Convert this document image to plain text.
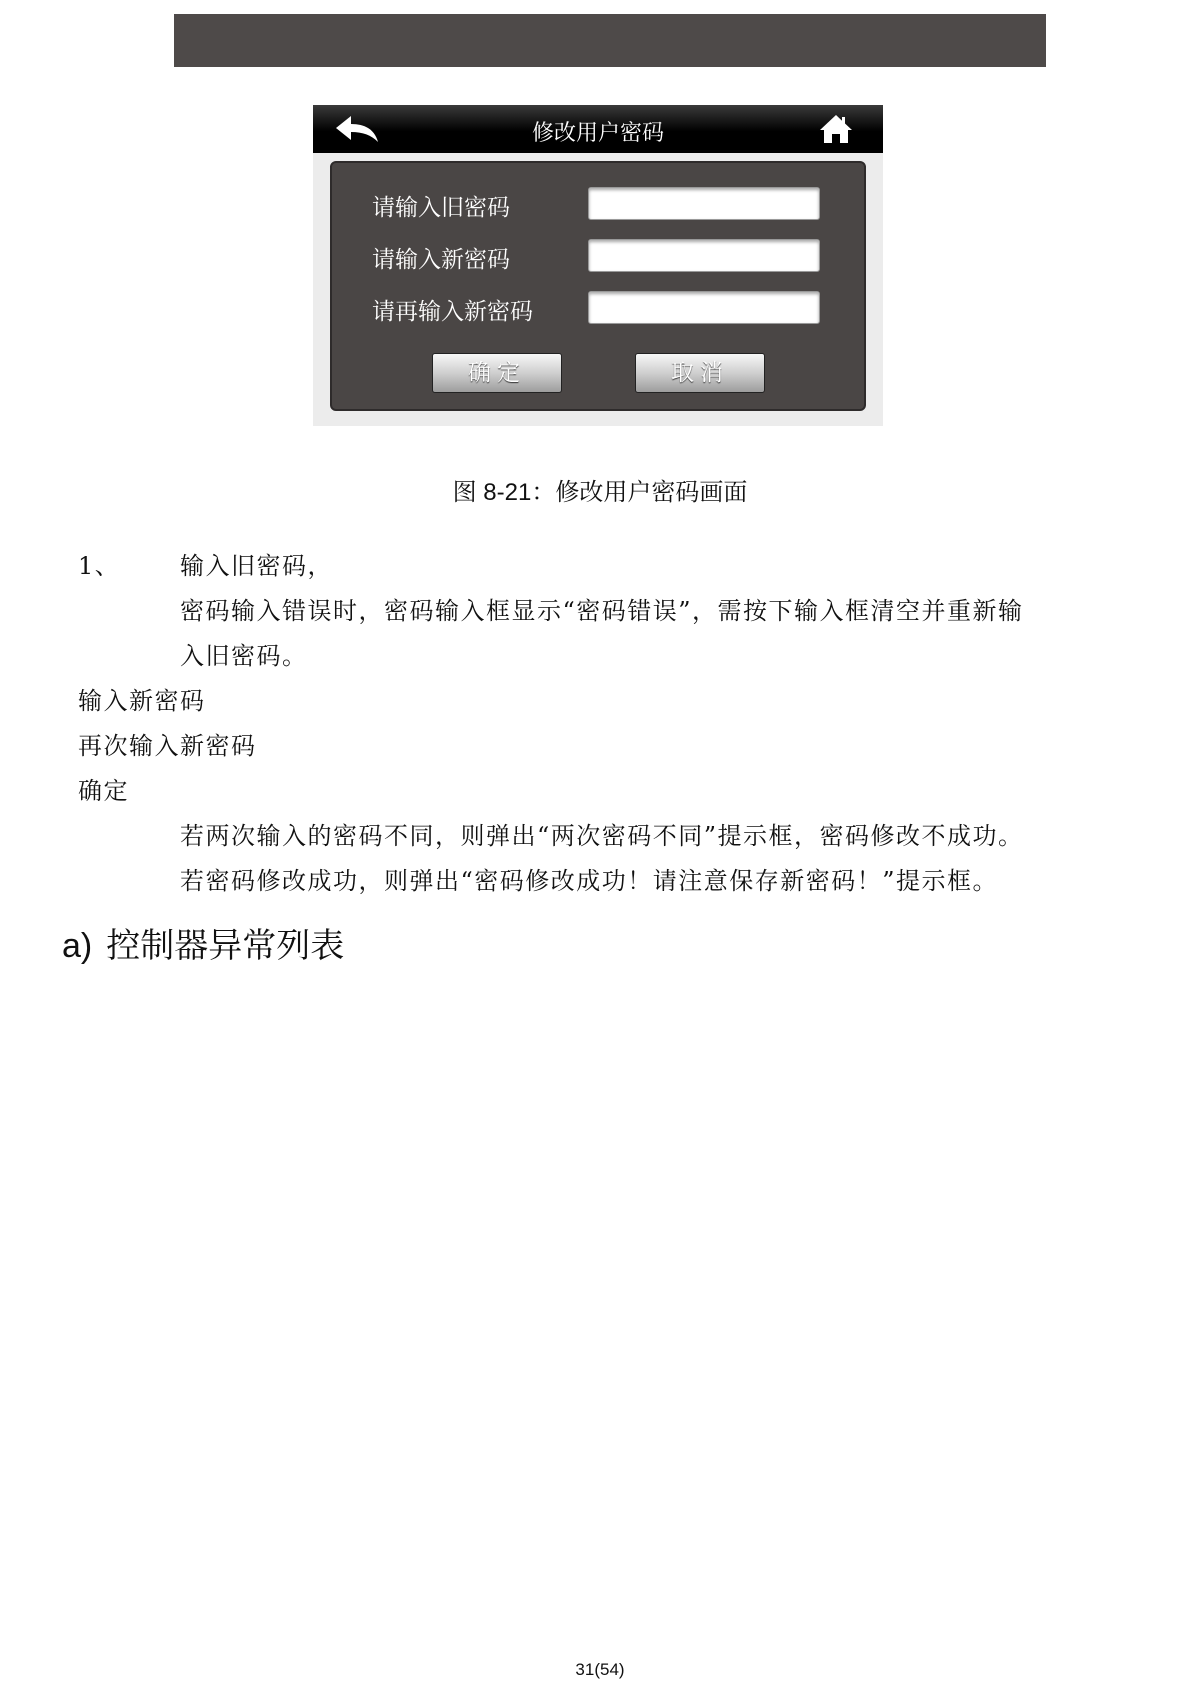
修改用户密码
请输入旧密码
请输入新密码
请再输入新密码
确定	取消
图 8-21：修改用户密码画面
1、 输入旧密码，
密码输入错误时，密码输入框显示“密码错误”，需按下输入框清空并重新输
入旧密码。
输入新密码
再次输入新密码
确定
若两次输入的密码不同，则弹出“两次密码不同”提示框，密码修改不成功。
若密码修改成功，则弹出“密码修改成功！请注意保存新密码！”提示框。
a) 控制器异常列表
31(54)
